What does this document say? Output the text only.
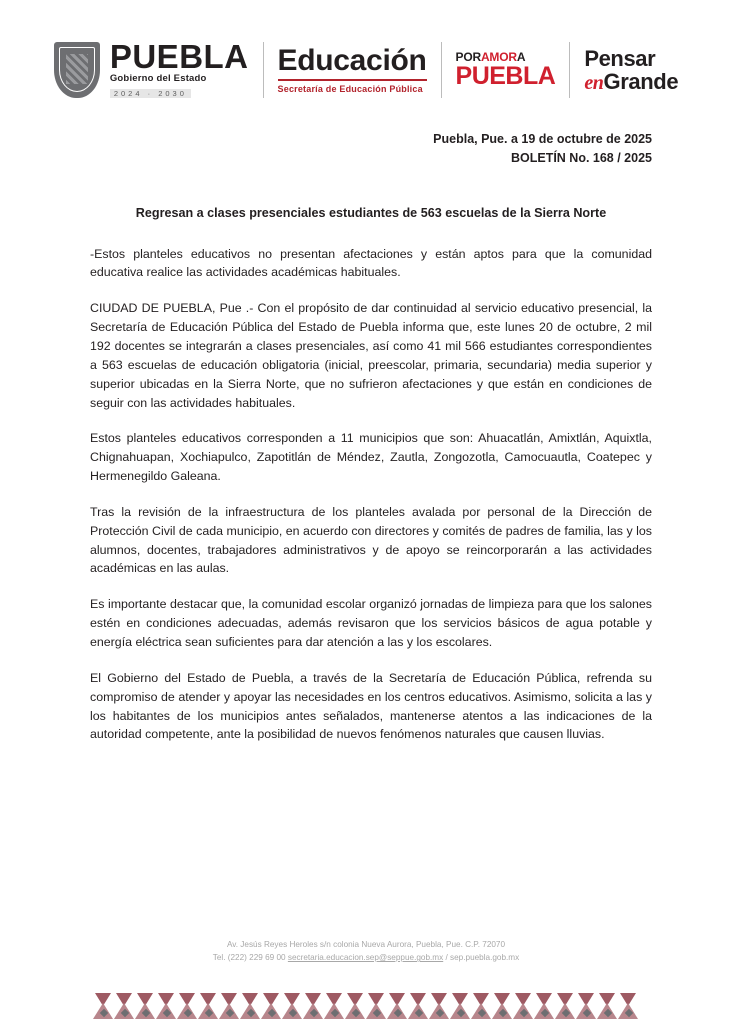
PUEBLA
Gobierno del Estado
2024 · 2030
Educación
Secretaría de Educación Pública
PORAMORA
PUEBLA
Pensar
enGrande
Puebla, Pue. a 19 de octubre de 2025
BOLETÍN No. 168 / 2025
Regresan a clases presenciales estudiantes de 563 escuelas de la Sierra Norte

-Estos planteles educativos no presentan afectaciones y están aptos para que la comunidad educativa realice las actividades académicas habituales.

CIUDAD DE PUEBLA, Pue .- Con el propósito de dar continuidad al servicio educativo presencial, la Secretaría de Educación Pública del Estado de Puebla informa que, este lunes 20 de octubre, 2 mil 192 docentes se integrarán a clases presenciales, así como 41 mil 566 estudiantes correspondientes a 563 escuelas de educación obligatoria (inicial, preescolar, primaria, secundaria) media superior y superior ubicadas en la Sierra Norte, que no sufrieron afectaciones y que están en condiciones de seguir con las actividades habituales.

Estos planteles educativos corresponden a 11 municipios que son: Ahuacatlán, Amixtlán, Aquixtla, Chignahuapan, Xochiapulco, Zapotitlán de Méndez, Zautla, Zongozotla, Camocuautla, Coatepec y Hermenegildo Galeana.

Tras la revisión de la infraestructura de los planteles avalada por personal de la Dirección de Protección Civil de cada municipio, en acuerdo con directores y comités de padres de familia, las y los alumnos, docentes, trabajadores administrativos y de apoyo se reincorporarán a las actividades académicas en las aulas.

Es importante destacar que, la comunidad escolar organizó jornadas de limpieza para que los salones estén en condiciones adecuadas, además revisaron que los servicios básicos de agua potable y energía eléctrica sean suficientes para dar atención a las y los escolares.

El Gobierno del Estado de Puebla, a través de la Secretaría de Educación Pública, refrenda su compromiso de atender y apoyar las necesidades en los centros educativos. Asimismo, solicita a las y los habitantes de los municipios antes señalados, mantenerse atentos a las indicaciones de la autoridad competente, ante la posibilidad de nuevos fenómenos naturales que causen lluvias.

Av. Jesús Reyes Heroles s/n colonia Nueva Aurora, Puebla, Pue. C.P. 72070
Tel. (222) 229 69 00 secretaria.educacion.sep@seppue.gob.mx / sep.puebla.gob.mx
